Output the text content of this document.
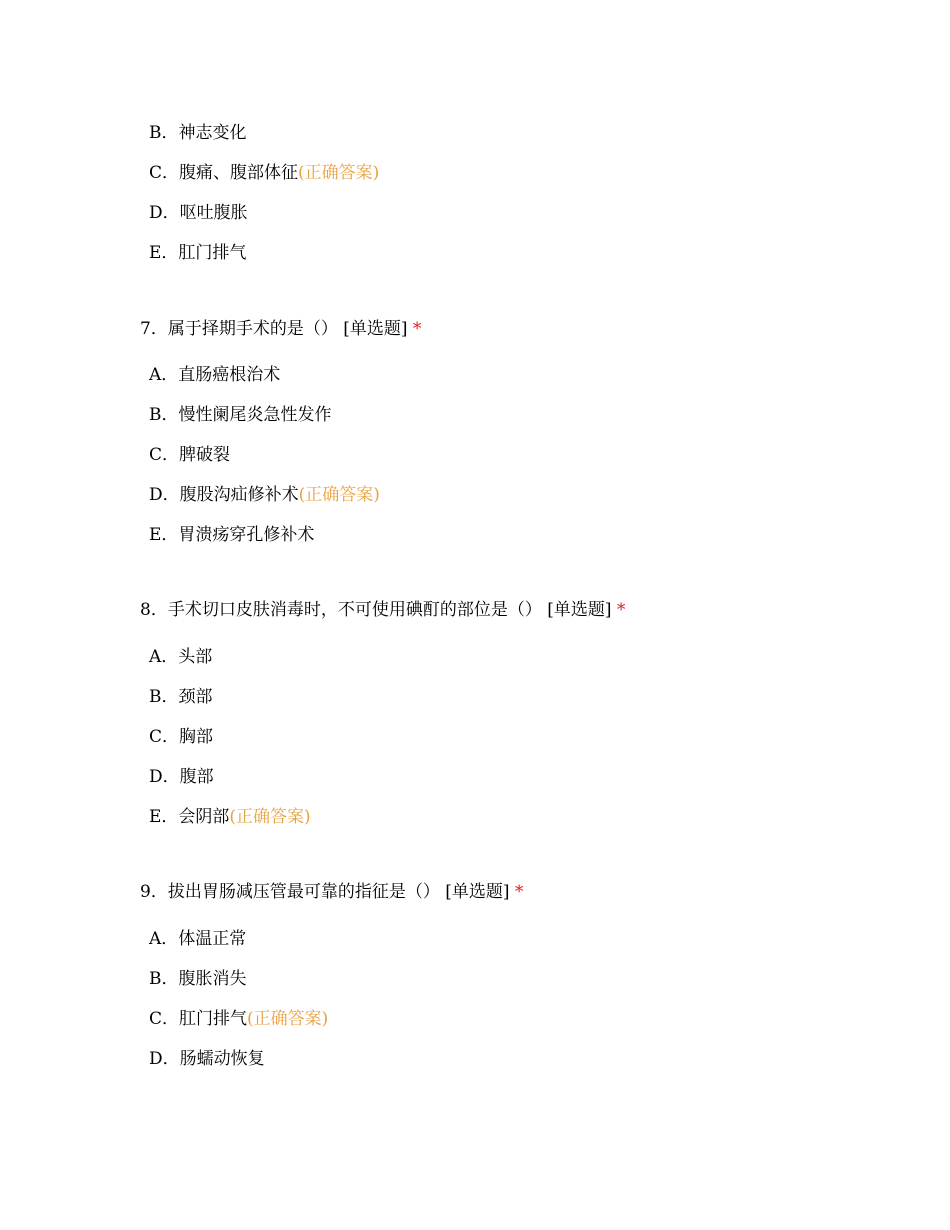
B．神志变化
C．腹痛、腹部体征(正确答案)
D．呕吐腹胀
E．肛门排气
7．属于择期手术的是（） [单选题] *
A．直肠癌根治术
B．慢性阑尾炎急性发作
C．脾破裂
D．腹股沟疝修补术(正确答案)
E．胃溃疡穿孔修补术
8．手术切口皮肤消毒时，不可使用碘酊的部位是（） [单选题] *
A．头部
B．颈部
C．胸部
D．腹部
E．会阴部(正确答案)
9．拔出胃肠减压管最可靠的指征是（） [单选题] *
A．体温正常
B．腹胀消失
C．肛门排气(正确答案)
D．肠蠕动恢复
